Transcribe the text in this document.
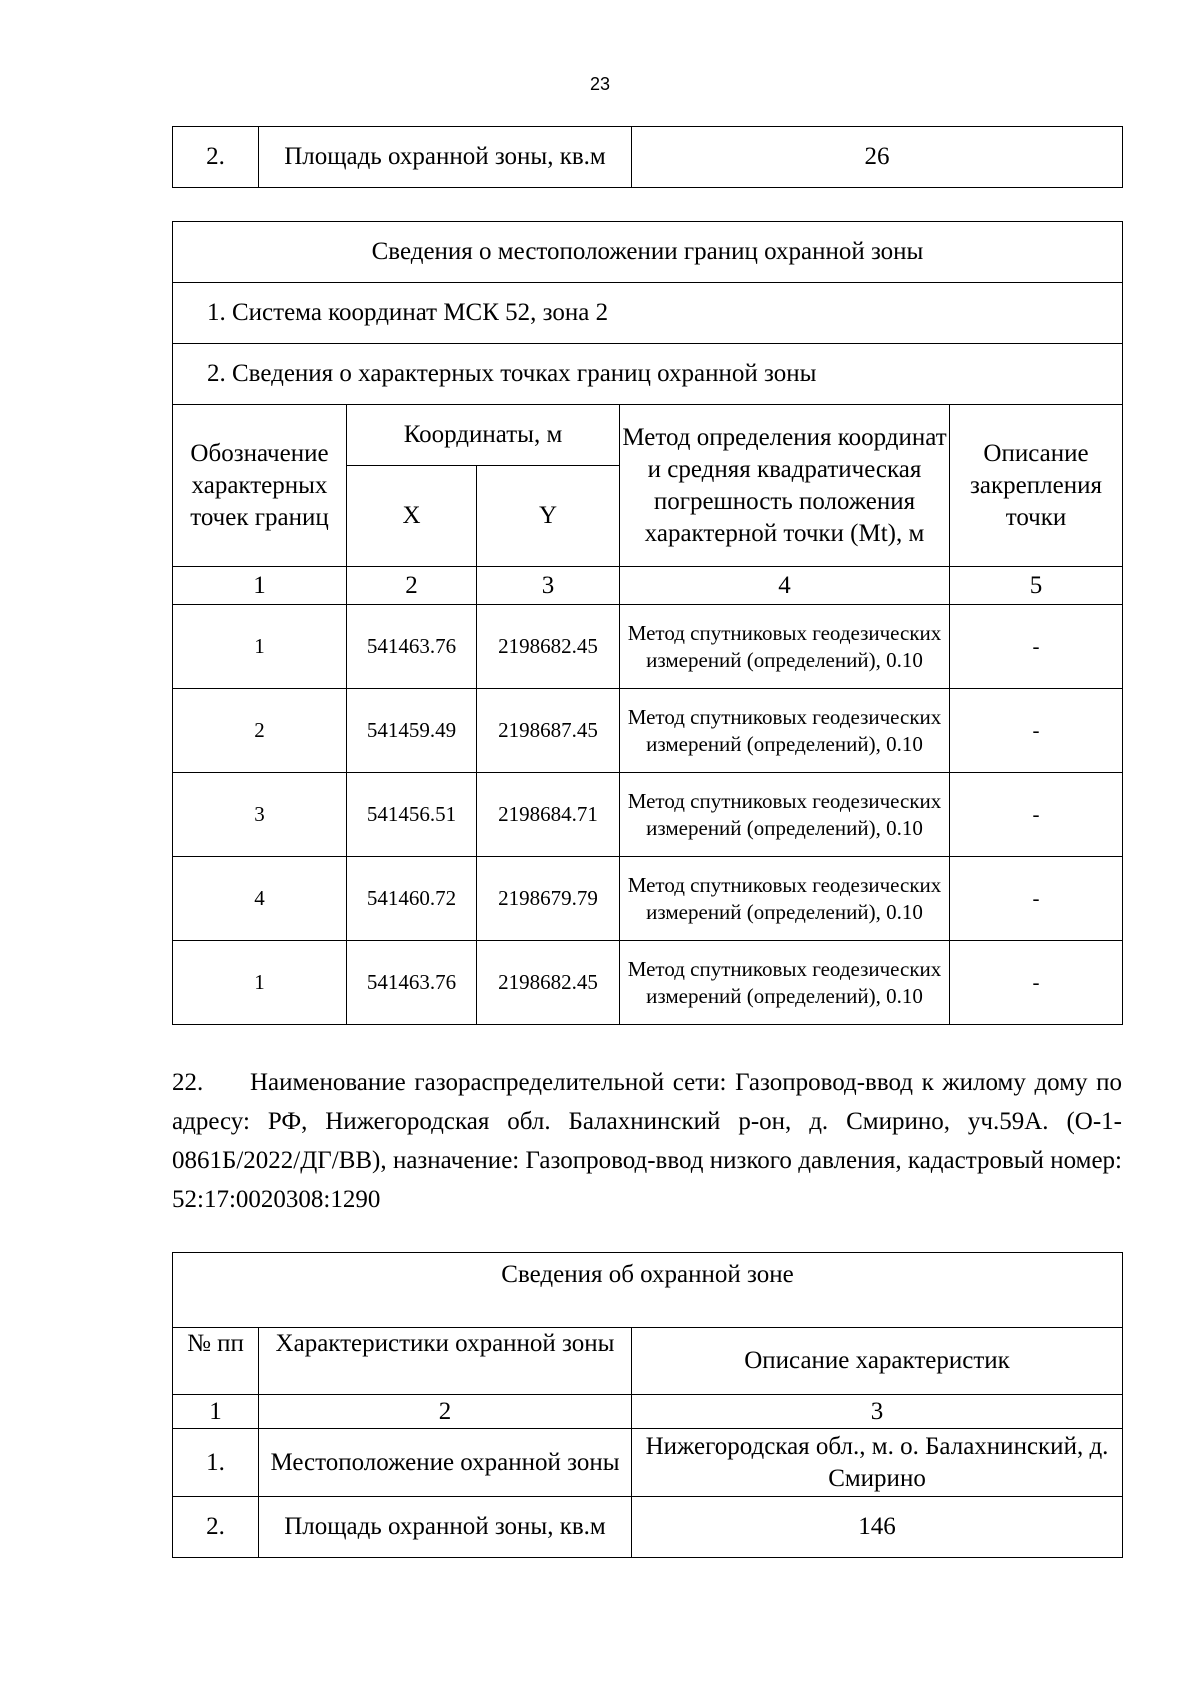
23
2.	Площадь охранной зоны, кв.м	26
Сведения о местоположении границ охранной зоны				
1. Система координат МСК 52, зона 2				
2. Сведения о характерных точках границ охранной зоны				
Обозначение характерных точек границ	Координаты, м		Метод определения координат и средняя квадратическая погрешность положения характерной точки (Mt), м	Описание закрепления точки
	X	Y		
1	2	3	4	5
1	541463.76	2198682.45	Метод спутниковых геодезических измерений (определений), 0.10	-
2	541459.49	2198687.45	Метод спутниковых геодезических измерений (определений), 0.10	-
3	541456.51	2198684.71	Метод спутниковых геодезических измерений (определений), 0.10	-
4	541460.72	2198679.79	Метод спутниковых геодезических измерений (определений), 0.10	-
1	541463.76	2198682.45	Метод спутниковых геодезических измерений (определений), 0.10	-

22. Наименование газораспределительной сети: Газопровод-ввод к жилому дому по адресу: РФ, Нижегородская обл. Балахнинский р-он, д. Смирино, уч.59А. (О-1-0861Б/2022/ДГ/ВВ), назначение: Газопровод-ввод низкого давления, кадастровый номер: 52:17:0020308:1290

Сведения об охранной зоне		
№ пп	Характеристики охранной зоны	Описание характеристик
1	2	3
1.	Местоположение охранной зоны	Нижегородская обл., м. о. Балахнинский, д. Смирино
2.	Площадь охранной зоны, кв.м	146
